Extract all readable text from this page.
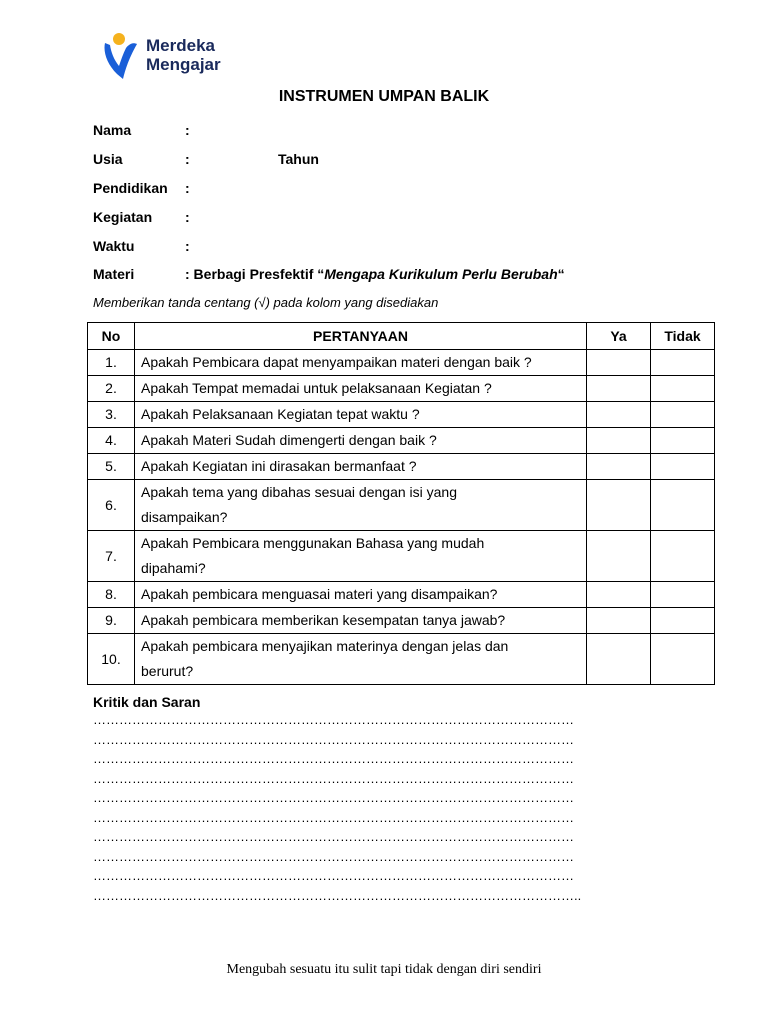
Merdeka
Mengajar
INSTRUMEN UMPAN BALIK
Nama	:
Usia	:	Tahun
Pendidikan :
Kegiatan :
Waktu	:
Materi	: Berbagi Presfektif “Mengapa Kurikulum Perlu Berubah“
Memberikan tanda centang (√) pada kolom yang disediakan
No	PERTANYAAN	Ya	Tidak
1.	Apakah Pembicara dapat menyampaikan materi dengan baik ?		

2.	Apakah Tempat memadai untuk pelaksanaan Kegiatan ?		

3.	Apakah Pelaksanaan Kegiatan tepat waktu ?		

4.	Apakah Materi Sudah dimengerti dengan baik ?		

5.	Apakah Kegiatan ini dirasakan bermanfaat ?		

6.	Apakah tema yang dibahas sesuai dengan isi yang
disampaikan?		

7.	Apakah Pembicara menggunakan Bahasa yang mudah
dipahami?		

8.	Apakah pembicara menguasai materi yang disampaikan?		

9.	Apakah pembicara memberikan kesempatan tanya jawab?		

10.	Apakah pembicara menyajikan materinya dengan jelas dan
berurut?		

Kritik dan Saran
…………………………………………………………………………………………………
…………………………………………………………………………………………………
…………………………………………………………………………………………………
…………………………………………………………………………………………………
…………………………………………………………………………………………………
…………………………………………………………………………………………………
…………………………………………………………………………………………………
…………………………………………………………………………………………………
…………………………………………………………………………………………………
…………………………………………………………………………………………………..
Mengubah sesuatu itu sulit tapi tidak dengan diri sendiri
